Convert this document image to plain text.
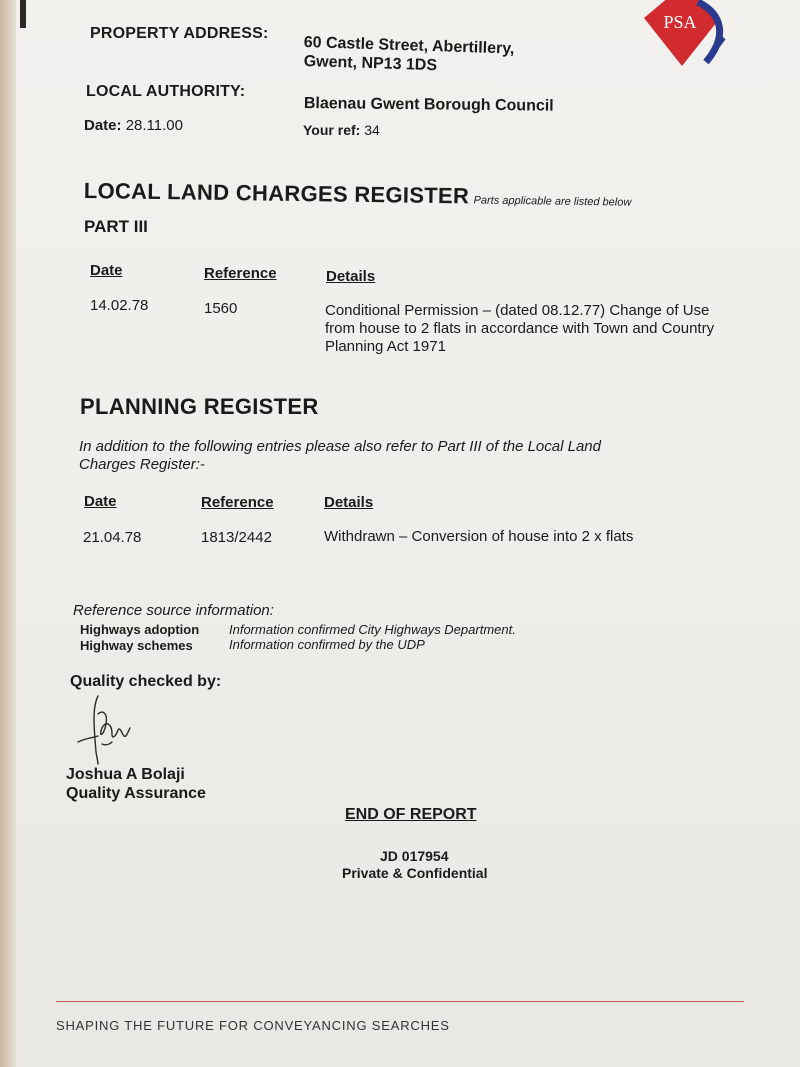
PSA
PROPERTY ADDRESS:
60 Castle Street, Abertillery,
Gwent, NP13 1DS
LOCAL AUTHORITY:
Blaenau Gwent Borough Council
Date: 28.11.00	Your ref: 34
LOCAL LAND CHARGES REGISTER Parts applicable are listed below
PART III
Date	Reference	Details
14.02.78	1560	Conditional Permission – (dated 08.12.77) Change of Use
from house to 2 flats in accordance with Town and Country
Planning Act 1971
PLANNING REGISTER
In addition to the following entries please also refer to Part III of the Local Land
Charges Register:-
Date	Reference	Details
21.04.78	1813/2442	Withdrawn – Conversion of house into 2 x flats
Reference source information:
Highways adoption Information confirmed City Highways Department.
Highway schemes	Information confirmed by the UDP
Quality checked by:
Joshua A Bolaji
Quality Assurance
END OF REPORT
JD 017954
Private & Confidential
SHAPING THE FUTURE FOR CONVEYANCING SEARCHES
